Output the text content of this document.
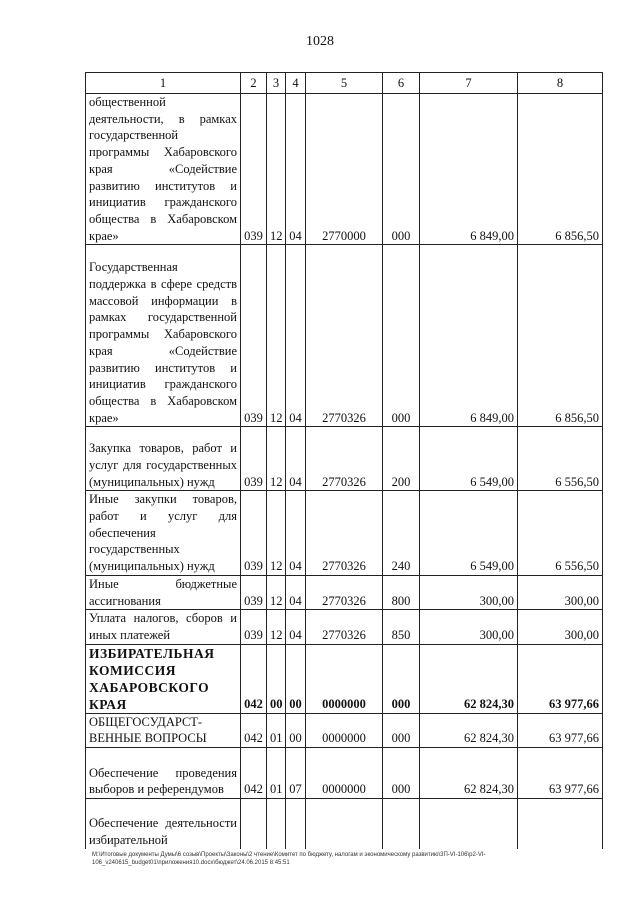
1028
1	2	3	4	5	6	7	8
общественной деятельности, в рамках государственной программы Хабаровского края «Содействие развитию институтов и инициатив гражданского общества в Хабаровском крае»	039	12	04	2770000	000	6 849,00	6 856,50
Государственная поддержка в сфере средств массовой информации в рамках государственной программы Хабаровского края «Содействие развитию институтов и инициатив гражданского общества в Хабаровском крае»	039	12	04	2770326	000	6 849,00	6 856,50
Закупка товаров, работ и услуг для государственных (муниципальных) нужд	039	12	04	2770326	200	6 549,00	6 556,50
Иные закупки товаров, работ и услуг для обеспечения государственных (муниципальных) нужд	039	12	04	2770326	240	6 549,00	6 556,50
Иные бюджетные ассигнования	039	12	04	2770326	800	300,00	300,00
Уплата налогов, сборов и иных платежей	039	12	04	2770326	850	300,00	300,00
ИЗБИРАТЕЛЬНАЯ КОМИССИЯ ХАБАРОВСКОГО КРАЯ	042	00	00	0000000	000	62 824,30	63 977,66
ОБЩЕГОСУДАРСТ-ВЕННЫЕ ВОПРОСЫ	042	01	00	0000000	000	62 824,30	63 977,66
Обеспечение проведения выборов и референдумов	042	01	07	0000000	000	62 824,30	63 977,66
Обеспечение деятельности избирательной							
M:\Итоговые документы Думы\6 созыв\Проекты\Законы\2 чтение\Комитет по бюджету, налогам и экономическому развитию\3П-VI-106\p2-VI-106_v240615_budget01\приложения10.docx\бюджет\24.06.2015 8:45:51
